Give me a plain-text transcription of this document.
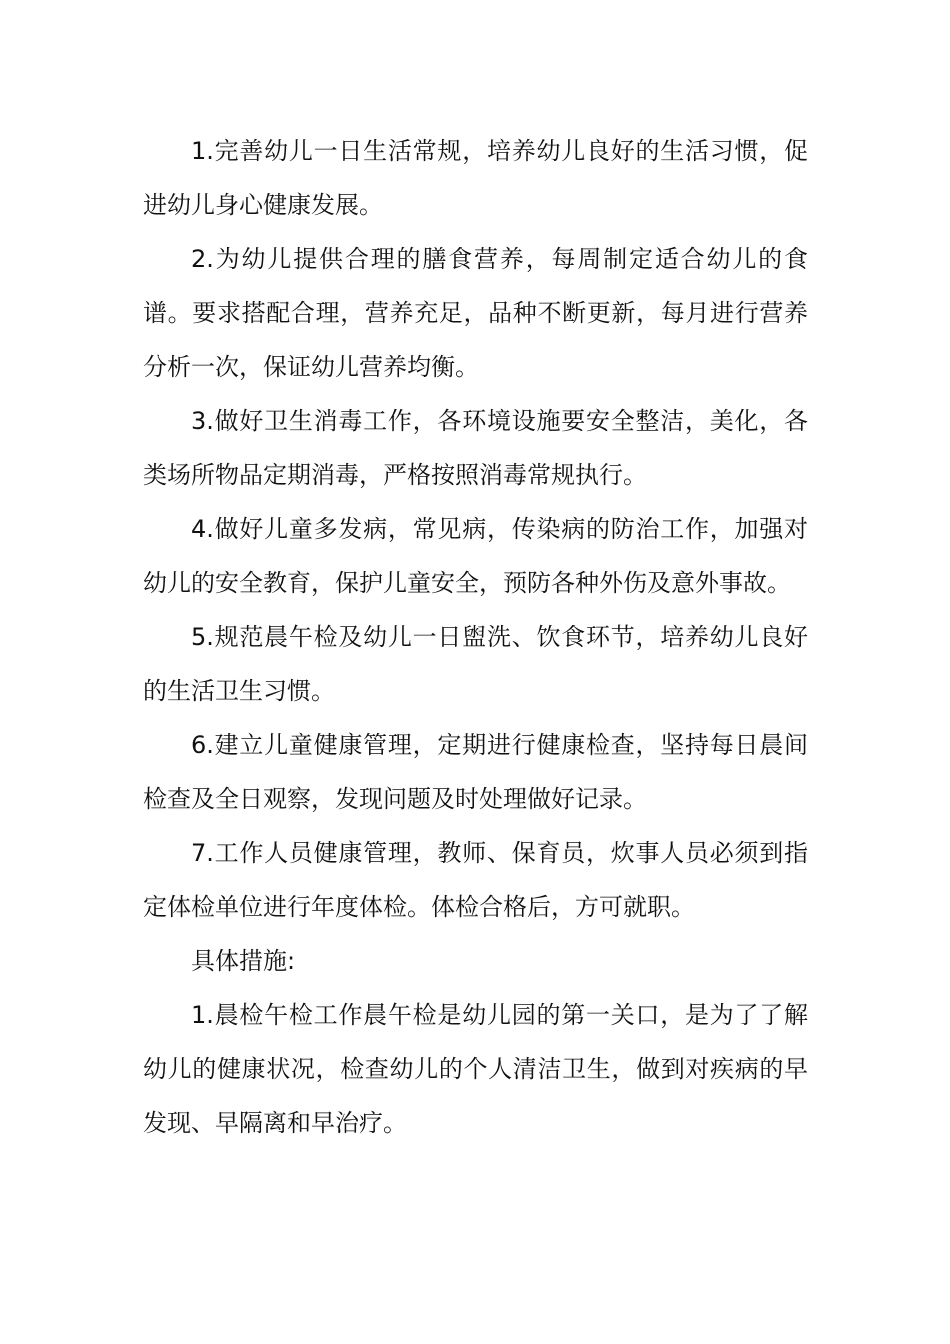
1.完善幼儿一日生活常规，培养幼儿良好的生活习惯，促进幼儿身心健康发展。

2.为幼儿提供合理的膳食营养，每周制定适合幼儿的食谱。要求搭配合理，营养充足，品种不断更新，每月进行营养分析一次，保证幼儿营养均衡。

3.做好卫生消毒工作，各环境设施要安全整洁，美化，各类场所物品定期消毒，严格按照消毒常规执行。

4.做好儿童多发病，常见病，传染病的防治工作，加强对幼儿的安全教育，保护儿童安全，预防各种外伤及意外事故。

5.规范晨午检及幼儿一日盥洗、饮食环节，培养幼儿良好的生活卫生习惯。

6.建立儿童健康管理，定期进行健康检查，坚持每日晨间检查及全日观察，发现问题及时处理做好记录。

7.工作人员健康管理，教师、保育员，炊事人员必须到指定体检单位进行年度体检。体检合格后，方可就职。

具体措施:

1.晨检午检工作晨午检是幼儿园的第一关口，是为了了解幼儿的健康状况，检查幼儿的个人清洁卫生，做到对疾病的早发现、早隔离和早治疗。
